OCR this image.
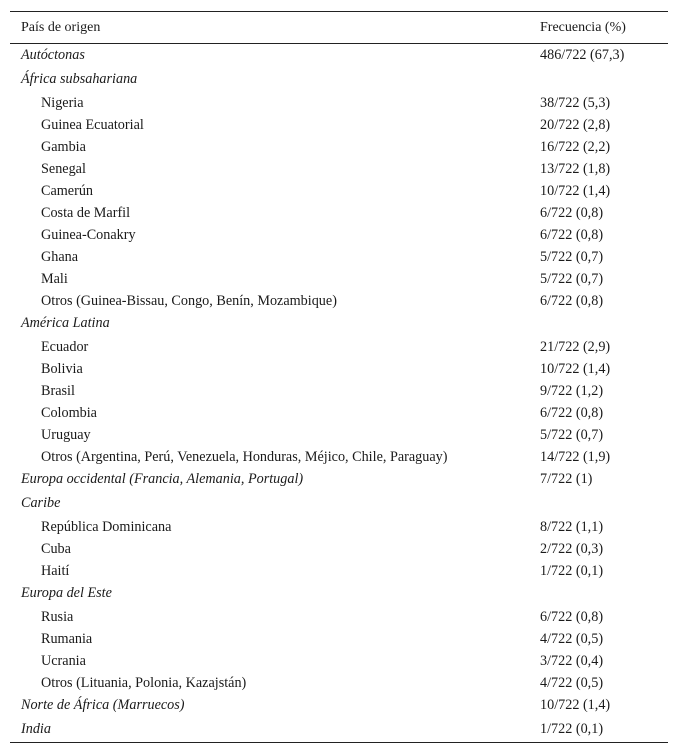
País de origen	Frecuencia (%)
Autóctonas	486/722 (67,3)
África subsahariana
Nigeria	38/722 (5,3)
Guinea Ecuatorial	20/722 (2,8)
Gambia	16/722 (2,2)
Senegal	13/722 (1,8)
Camerún	10/722 (1,4)
Costa de Marfil	6/722 (0,8)
Guinea-Conakry	6/722 (0,8)
Ghana	5/722 (0,7)
Mali	5/722 (0,7)
Otros (Guinea-Bissau, Congo, Benín, Mozambique)	6/722 (0,8)
América Latina
Ecuador	21/722 (2,9)
Bolivia	10/722 (1,4)
Brasil	9/722 (1,2)
Colombia	6/722 (0,8)
Uruguay	5/722 (0,7)
Otros (Argentina, Perú, Venezuela, Honduras, Méjico, Chile, Paraguay)	14/722 (1,9)
Europa occidental (Francia, Alemania, Portugal)	7/722 (1)
Caribe
República Dominicana	8/722 (1,1)
Cuba	2/722 (0,3)
Haití	1/722 (0,1)
Europa del Este
Rusia	6/722 (0,8)
Rumania	4/722 (0,5)
Ucrania	3/722 (0,4)
Otros (Lituania, Polonia, Kazajstán)	4/722 (0,5)
Norte de África (Marruecos)	10/722 (1,4)
India	1/722 (0,1)
